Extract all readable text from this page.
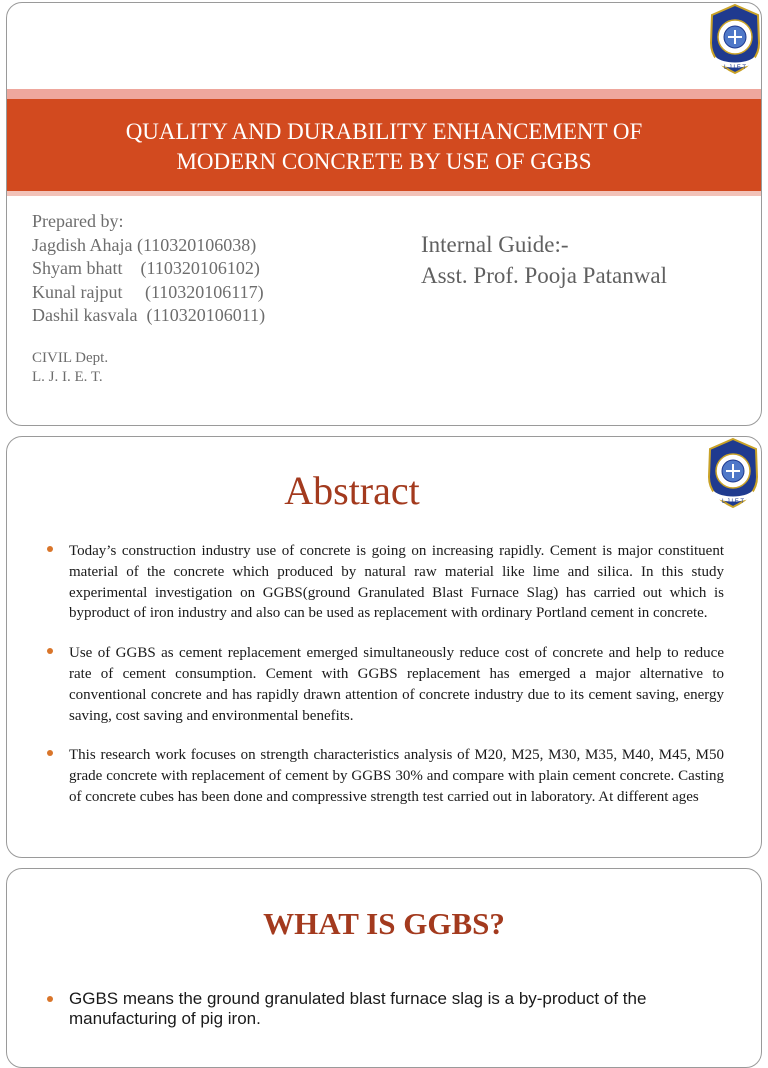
L J I E T
QUALITY AND DURABILITY ENHANCEMENT OF
MODERN CONCRETE BY USE OF GGBS
Prepared by:
Jagdish Ahaja (110320106038)
Shyam bhatt    (110320106102)
Kunal rajput     (110320106117)
Dashil kasvala  (110320106011)
CIVIL Dept.
L. J. I. E. T.
Internal Guide:-
Asst. Prof. Pooja Patanwal
L J I E T
Abstract
Today’s construction industry use of concrete is going on increasing rapidly. Cement is major constituent material of the concrete which produced by natural raw material like lime and silica. In this study experimental investigation on GGBS(ground Granulated Blast Furnace Slag) has carried out which is byproduct of iron industry and also can be used as replacement with ordinary Portland cement in concrete.
Use of GGBS as cement replacement emerged simultaneously reduce cost of concrete and help to reduce rate of cement consumption. Cement with GGBS replacement has emerged a major alternative to conventional concrete and has rapidly drawn attention of concrete industry due to its cement saving, energy saving, cost saving and environmental benefits.
This research work focuses on strength characteristics analysis of M20, M25, M30, M35, M40, M45, M50 grade concrete with replacement of cement by GGBS 30% and compare with plain cement concrete. Casting of concrete cubes has been done and compressive strength test carried out in laboratory. At different ages
WHAT IS GGBS?
GGBS means the ground granulated blast furnace slag is a by-product of the manufacturing of pig iron.
